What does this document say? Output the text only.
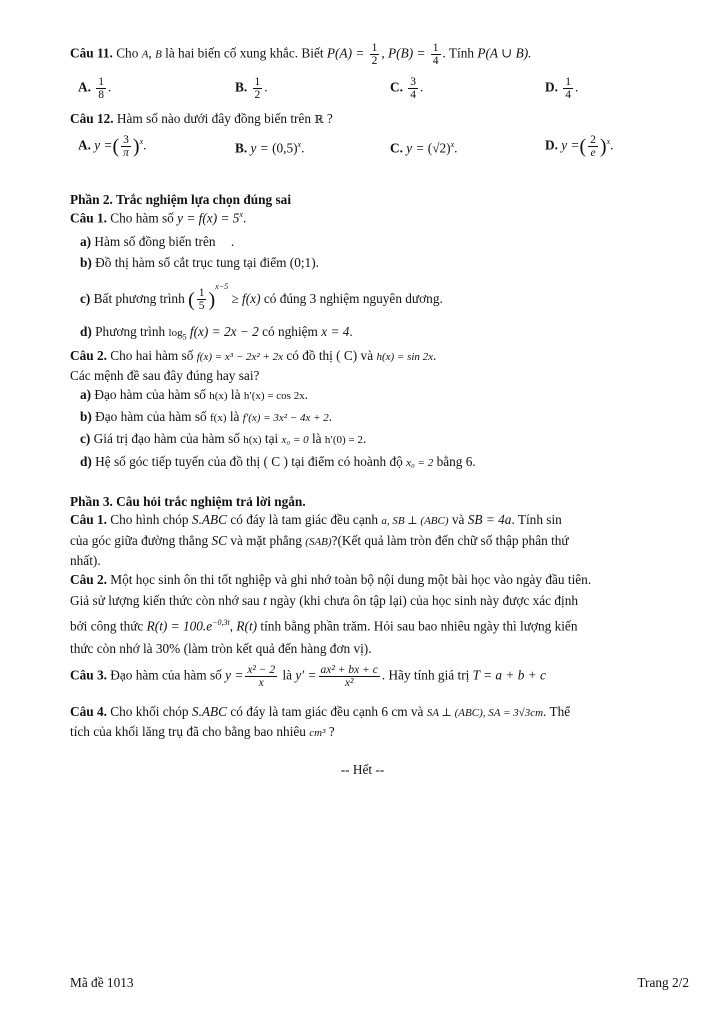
Câu 11. Cho A, B là hai biến cố xung khắc. Biết $P(A) = \frac{1}{2}$ , $P(B) = \frac{1}{4}$ . Tính P(A ∪ B).
A. $\frac{1}{8}$ .	B. $\frac{1}{2}$ .	C. $\frac{3}{4}$ .	D. $\frac{1}{4}$ .
Câu 12. Hàm số nào dưới đây đồng biến trên ℝ ?
A. y =( $\frac{3}{\pi} )^x$.	B. $y = (0,5)^x$.	C. $y = (√2)^x$.	D. y =( $\frac{2}{e} )^x$.
Phần 2. Trắc nghiệm lựa chọn đúng sai
Câu 1. Cho hàm số $y = f(x) = 5^x$.
a) Hàm số đồng biến trên .
b) Đồ thị hàm số cắt trục tung tại điểm (0;1).
c) Bất phương trình ( $\frac{1}{5} )^{x-5} \ge f(x)$ có đúng 3 nghiệm nguyên dương.
d) Phương trình $\log_5 f(x) = 2x - 2$ có nghiệm x = 4.
Câu 2. Cho hai hàm số f(x) = x³ − 2x² + 2x có đồ thị ( C) và h(x) = sin 2x.
Các mệnh đề sau đây đúng hay sai?
a) Đạo hàm của hàm số h(x) là h′(x) = cos 2x.
b) Đạo hàm của hàm số f(x) là f′(x) = 3x² − 4x + 2.
c) Giá trị đạo hàm của hàm số h(x) tại x₀ = 0 là h′(0) = 2.
d) Hệ số góc tiếp tuyến của đồ thị ( C ) tại điểm có hoành độ x₀ = 2 bằng 6.
Phần 3. Câu hỏi trắc nghiệm trả lời ngắn.
Câu 1. Cho hình chóp S.ABC có đáy là tam giác đều cạnh a, SB ⊥ (ABC) và SB = 4a. Tính sin
của góc giữa đường thẳng SC và mặt phẳng (SAB)?(Kết quả làm tròn đến chữ số thập phân thứ
nhất).
Câu 2. Một học sinh ôn thi tốt nghiệp và ghi nhớ toàn bộ nội dung một bài học vào ngày đầu tiên.
Giả sử lượng kiến thức còn nhớ sau t ngày (khi chưa ôn tập lại) của học sinh này được xác định
bởi công thức $R(t) = 100.e^{-0,3t}$, R(t) tính bằng phần trăm. Hỏi sau bao nhiêu ngày thì lượng kiến
thức còn nhớ là 30% (làm tròn kết quả đến hàng đơn vị).
Câu 3. Đạo hàm của hàm số $y = \frac{\text{x² − 2}}{x}$ là $y' = \frac{\text{ax² + bx + c}}{\text{x²}}$ . Hãy tính giá trị T = a + b + c
Câu 4. Cho khối chóp S.ABC có đáy là tam giác đều cạnh 6 cm và SA ⊥ (ABC), SA = 3√3cm. Thể
tích của khối lăng trụ đã cho bằng bao nhiêu cm³ ?
-- Hết --
Mã đề 1013	Trang 2/2
